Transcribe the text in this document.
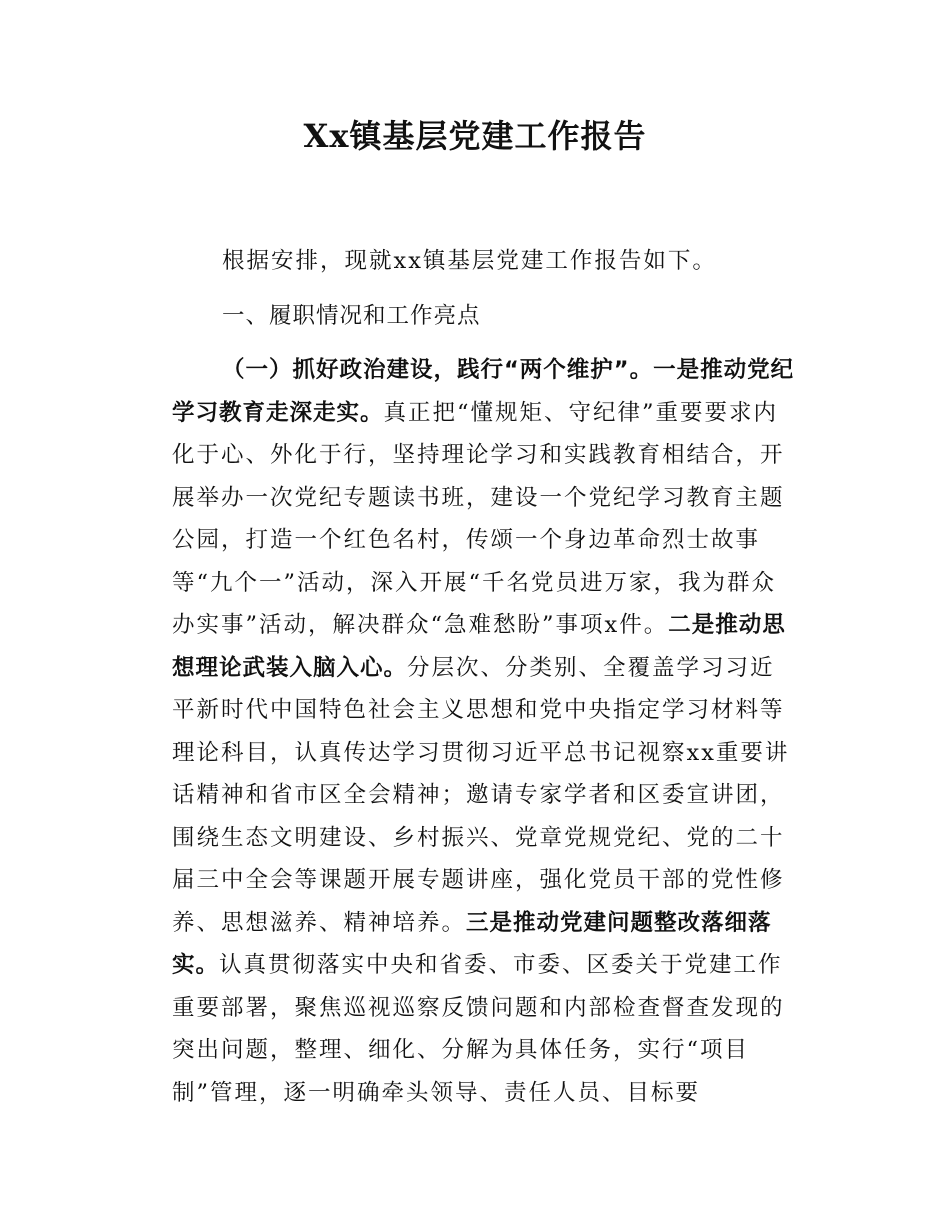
Xx镇基层党建工作报告

根据安排，现就xx镇基层党建工作报告如下。

一、履职情况和工作亮点

（一）抓好政治建设，践行“两个维护”。一是推动党纪学习教育走深走实。真正把“懂规矩、守纪律”重要要求内化于心、外化于行，坚持理论学习和实践教育相结合，开展举办一次党纪专题读书班，建设一个党纪学习教育主题公园，打造一个红色名村，传颂一个身边革命烈士故事等“九个一”活动，深入开展“千名党员进万家，我为群众办实事”活动，解决群众“急难愁盼”事项x件。二是推动思想理论武装入脑入心。分层次、分类别、全覆盖学习习近平新时代中国特色社会主义思想和党中央指定学习材料等理论科目，认真传达学习贯彻习近平总书记视察xx重要讲话精神和省市区全会精神；邀请专家学者和区委宣讲团，围绕生态文明建设、乡村振兴、党章党规党纪、党的二十届三中全会等课题开展专题讲座，强化党员干部的党性修养、思想滋养、精神培养。三是推动党建问题整改落细落实。认真贯彻落实中央和省委、市委、区委关于党建工作重要部署，聚焦巡视巡察反馈问题和内部检查督查发现的突出问题，整理、细化、分解为具体任务，实行“项目制”管理，逐一明确牵头领导、责任人员、目标要
